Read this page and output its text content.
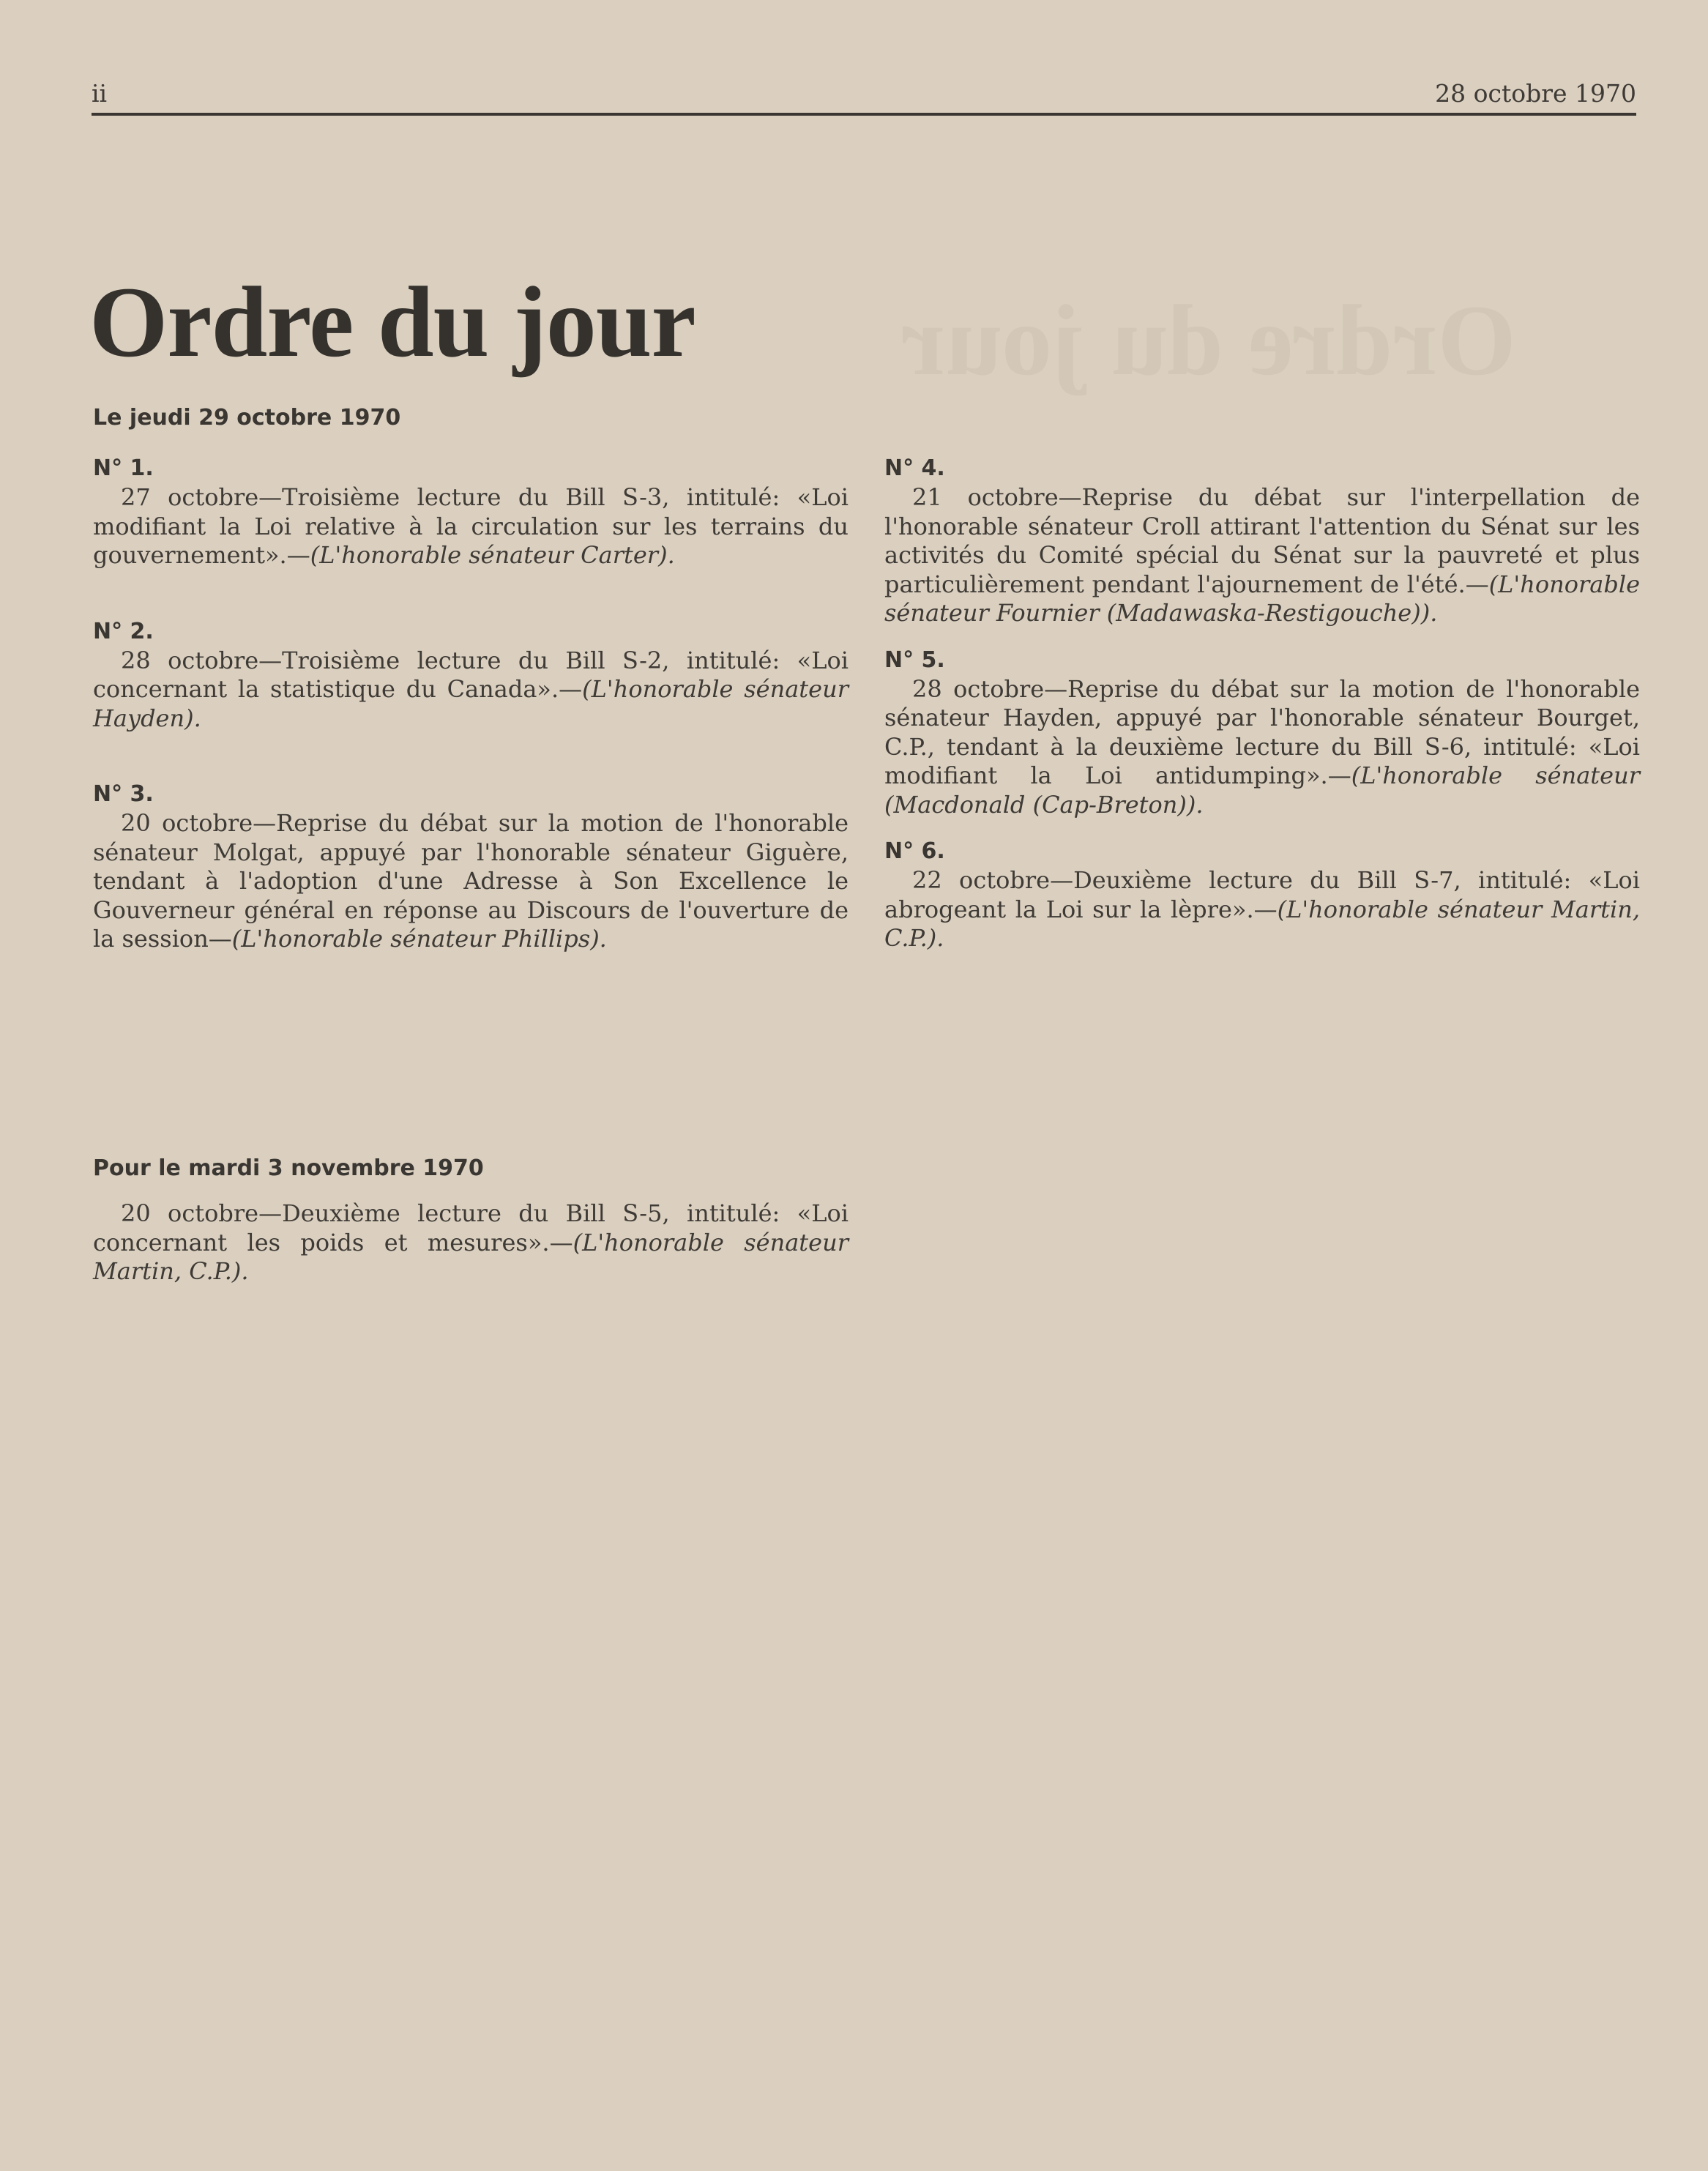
ii	28 octobre 1970
Ordre du jour Ordre du jour
Le jeudi 29 octobre 1970
N° 1.

27 octobre—Troisième lecture du Bill S-3, intitulé: «Loi modifiant la Loi relative à la circulation sur les terrains du gouvernement».—(L'honorable sénateur Carter).

N° 2.

28 octobre—Troisième lecture du Bill S-2, intitulé: «Loi concernant la statistique du Canada».—(L'honorable sénateur Hayden).

N° 3.

20 octobre—Reprise du débat sur la motion de l'honorable sénateur Molgat, appuyé par l'honorable sénateur Giguère, tendant à l'adoption d'une Adresse à Son Excellence le Gouverneur général en réponse au Discours de l'ouverture de la session—(L'honorable sénateur Phillips).

N° 4.

21 octobre—Reprise du débat sur l'interpellation de l'honorable sénateur Croll attirant l'attention du Sénat sur les activités du Comité spécial du Sénat sur la pauvreté et plus particulièrement pendant l'ajournement de l'été.—(L'honorable sénateur Fournier (Madawaska-Restigouche)).

N° 5.

28 octobre—Reprise du débat sur la motion de l'honorable sénateur Hayden, appuyé par l'honorable sénateur Bourget, C.P., tendant à la deuxième lecture du Bill S-6, intitulé: «Loi modifiant la Loi antidumping».—(L'honorable sénateur (Macdonald (Cap-Breton)).

N° 6.

22 octobre—Deuxième lecture du Bill S-7, intitulé: «Loi abrogeant la Loi sur la lèpre».—(L'honorable sénateur Martin, C.P.).

Pour le mardi 3 novembre 1970

20 octobre—Deuxième lecture du Bill S-5, intitulé: «Loi concernant les poids et mesures».—(L'honorable sénateur Martin, C.P.).
